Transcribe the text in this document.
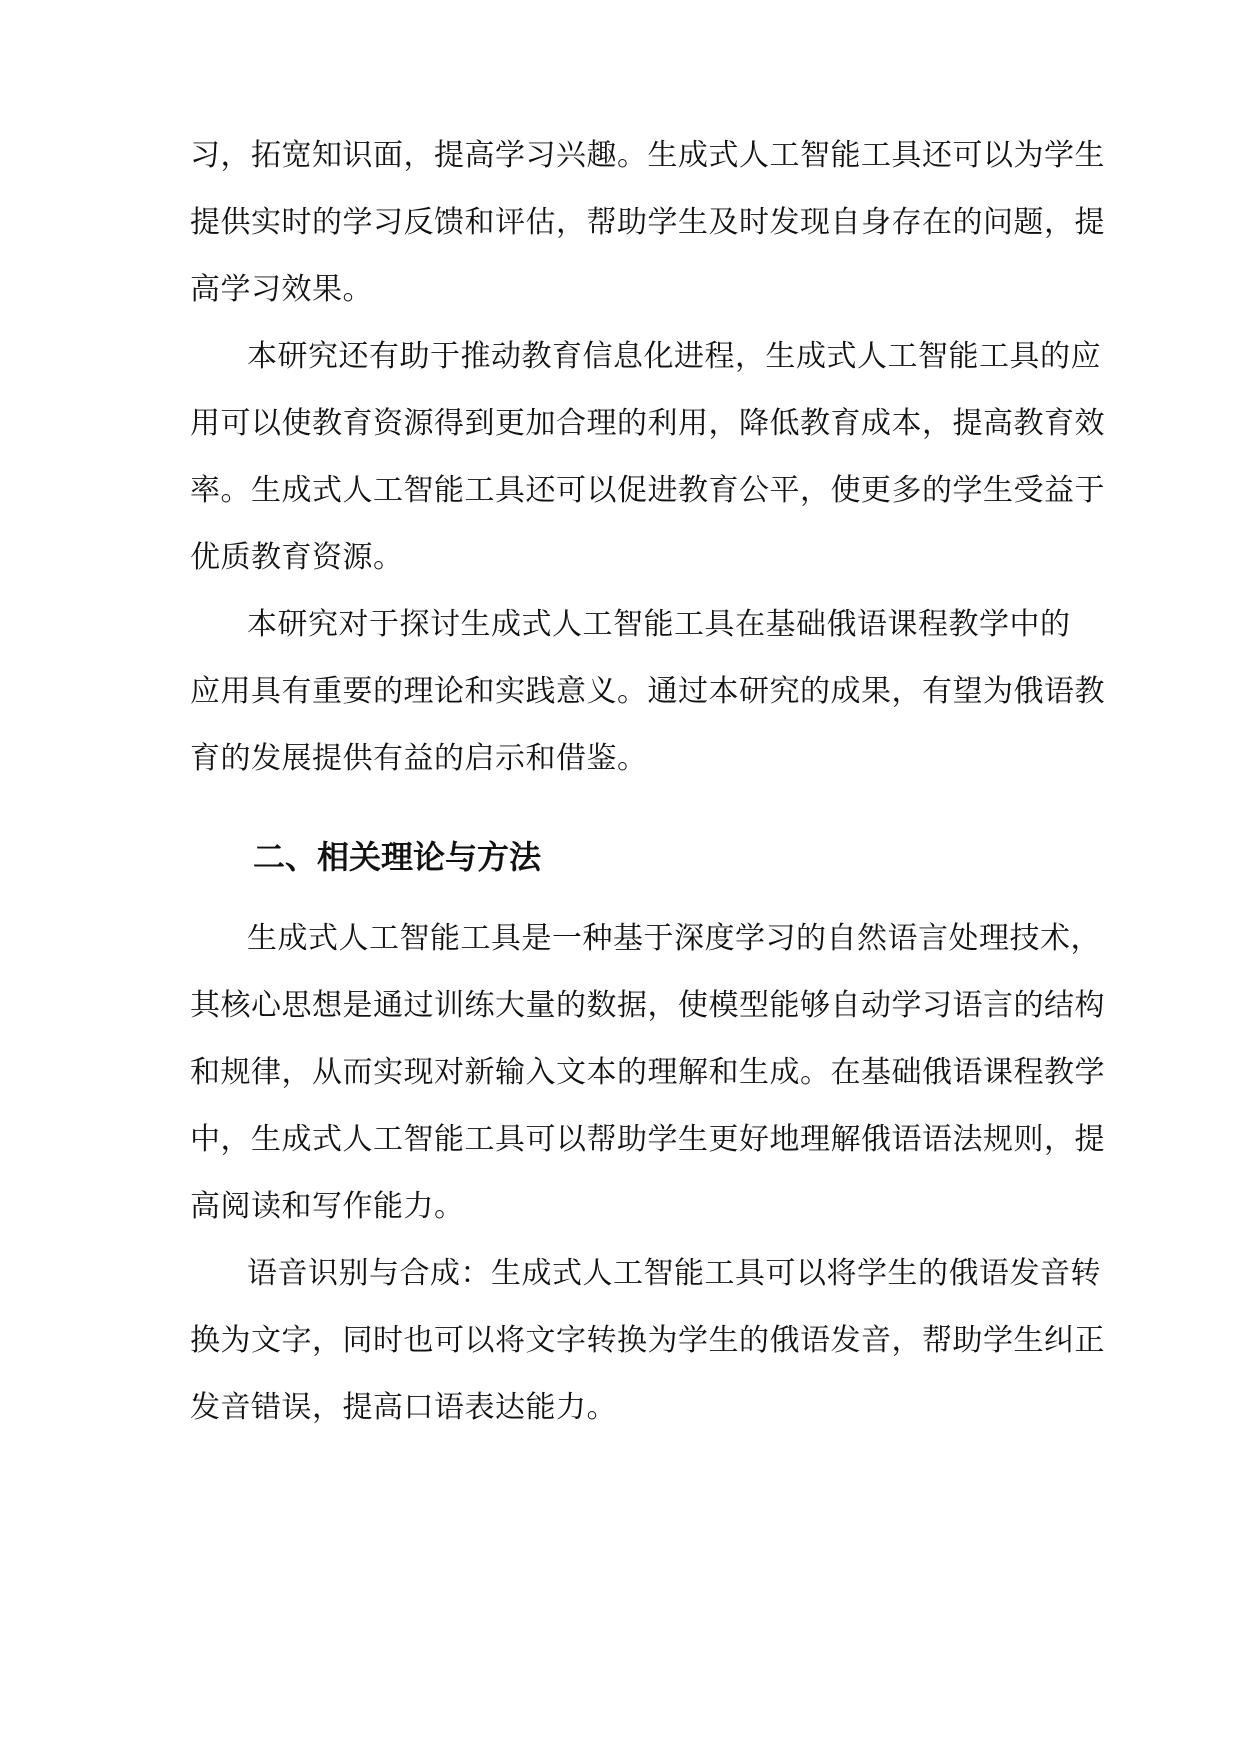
习，拓宽知识面，提高学习兴趣。生成式人工智能工具还可以为学生
提供实时的学习反馈和评估，帮助学生及时发现自身存在的问题，提
高学习效果。
本研究还有助于推动教育信息化进程，生成式人工智能工具的应
用可以使教育资源得到更加合理的利用，降低教育成本，提高教育效
率。生成式人工智能工具还可以促进教育公平，使更多的学生受益于
优质教育资源。
本研究对于探讨生成式人工智能工具在基础俄语课程教学中的
应用具有重要的理论和实践意义。通过本研究的成果，有望为俄语教
育的发展提供有益的启示和借鉴。
二、相关理论与方法
生成式人工智能工具是一种基于深度学习的自然语言处理技术，
其核心思想是通过训练大量的数据，使模型能够自动学习语言的结构
和规律，从而实现对新输入文本的理解和生成。在基础俄语课程教学
中，生成式人工智能工具可以帮助学生更好地理解俄语语法规则，提
高阅读和写作能力。
语音识别与合成：生成式人工智能工具可以将学生的俄语发音转
换为文字，同时也可以将文字转换为学生的俄语发音，帮助学生纠正
发音错误，提高口语表达能力。
